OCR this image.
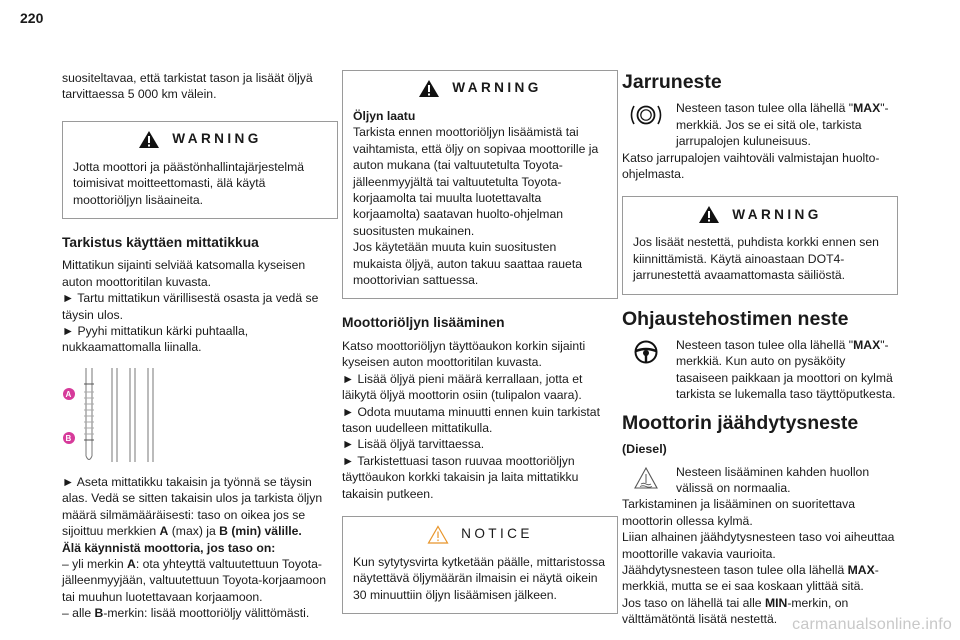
220

suositeltavaa, että tarkistat tason ja lisäät öljyä tarvittaessa 5 000 km välein.

WARNING

Jotta moottori ja päästönhallintajärjestelmä toimisivat moitteettomasti, älä käytä moottoriöljyn lisäaineita.

Tarkistus käyttäen mittatikkua

Mittatikun sijainti selviää katsomalla kyseisen auton moottoritilan kuvasta.

► Tartu mittatikun värillisestä osasta ja vedä se täysin ulos.

► Pyyhi mittatikun kärki puhtaalla, nukkaamattomalla liinalla.

A
B

► Aseta mittatikku takaisin ja työnnä se täysin alas. Vedä se sitten takaisin ulos ja tarkista öljyn määrä silmämääräisesti: taso on oikea jos se sijoittuu merkkien A (max) ja B (min) välille.

Älä käynnistä moottoria, jos taso on:

– yli merkin A: ota yhteyttä valtuutettuun Toyota-jälleenmyyjään, valtuutettuun Toyota-korjaamoon tai muuhun luotettavaan korjaamoon.

– alle B-merkin: lisää moottoriöljy välittömästi.

WARNING

Öljyn laatu

Tarkista ennen moottoriöljyn lisäämistä tai vaihtamista, että öljy on sopivaa moottorille ja auton mukana (tai valtuutetulta Toyota-jälleenmyyjältä tai valtuutetulta Toyota-korjaamolta tai muulta luotettavalta korjaamolta) saatavan huolto-ohjelman suositusten mukainen.

Jos käytetään muuta kuin suositusten mukaista öljyä, auton takuu saattaa raueta moottorivian sattuessa.

Moottoriöljyn lisääminen

Katso moottoriöljyn täyttöaukon korkin sijainti kyseisen auton moottoritilan kuvasta.

► Lisää öljyä pieni määrä kerrallaan, jotta et läikytä öljyä moottorin osiin (tulipalon vaara).

► Odota muutama minuutti ennen kuin tarkistat tason uudelleen mittatikulla.

► Lisää öljyä tarvittaessa.

► Tarkistettuasi tason ruuvaa moottoriöljyn täyttöaukon korkki takaisin ja laita mittatikku takaisin putkeen.

NOTICE

Kun sytytysvirta kytketään päälle, mittaristossa näytettävä öljymäärän ilmaisin ei näytä oikein 30 minuuttiin öljyn lisäämisen jälkeen.

Jarruneste

Nesteen tason tulee olla lähellä "MAX"-merkkiä. Jos se ei sitä ole, tarkista jarrupalojen kuluneisuus.

Katso jarrupalojen vaihtoväli valmistajan huolto-ohjelmasta.

WARNING

Jos lisäät nestettä, puhdista korkki ennen sen kiinnittämistä. Käytä ainoastaan DOT4-jarrunestettä avaamattomasta säiliöstä.

Ohjaustehostimen neste

Nesteen tason tulee olla lähellä "MAX"-merkkiä. Kun auto on pysäköity tasaiseen paikkaan ja moottori on kylmä tarkista se lukemalla taso täyttöputkesta.

Moottorin jäähdytysneste
(Diesel)

Nesteen lisääminen kahden huollon välissä on normaalia.

Tarkistaminen ja lisääminen on suoritettava moottorin ollessa kylmä.

Liian alhainen jäähdytysnesteen taso voi aiheuttaa moottorille vakavia vaurioita.

Jäähdytysnesteen tason tulee olla lähellä MAX-merkkiä, mutta se ei saa koskaan ylittää sitä.

Jos taso on lähellä tai alle MIN-merkin, on välttämätöntä lisätä nestettä. carmanualsonline.info
